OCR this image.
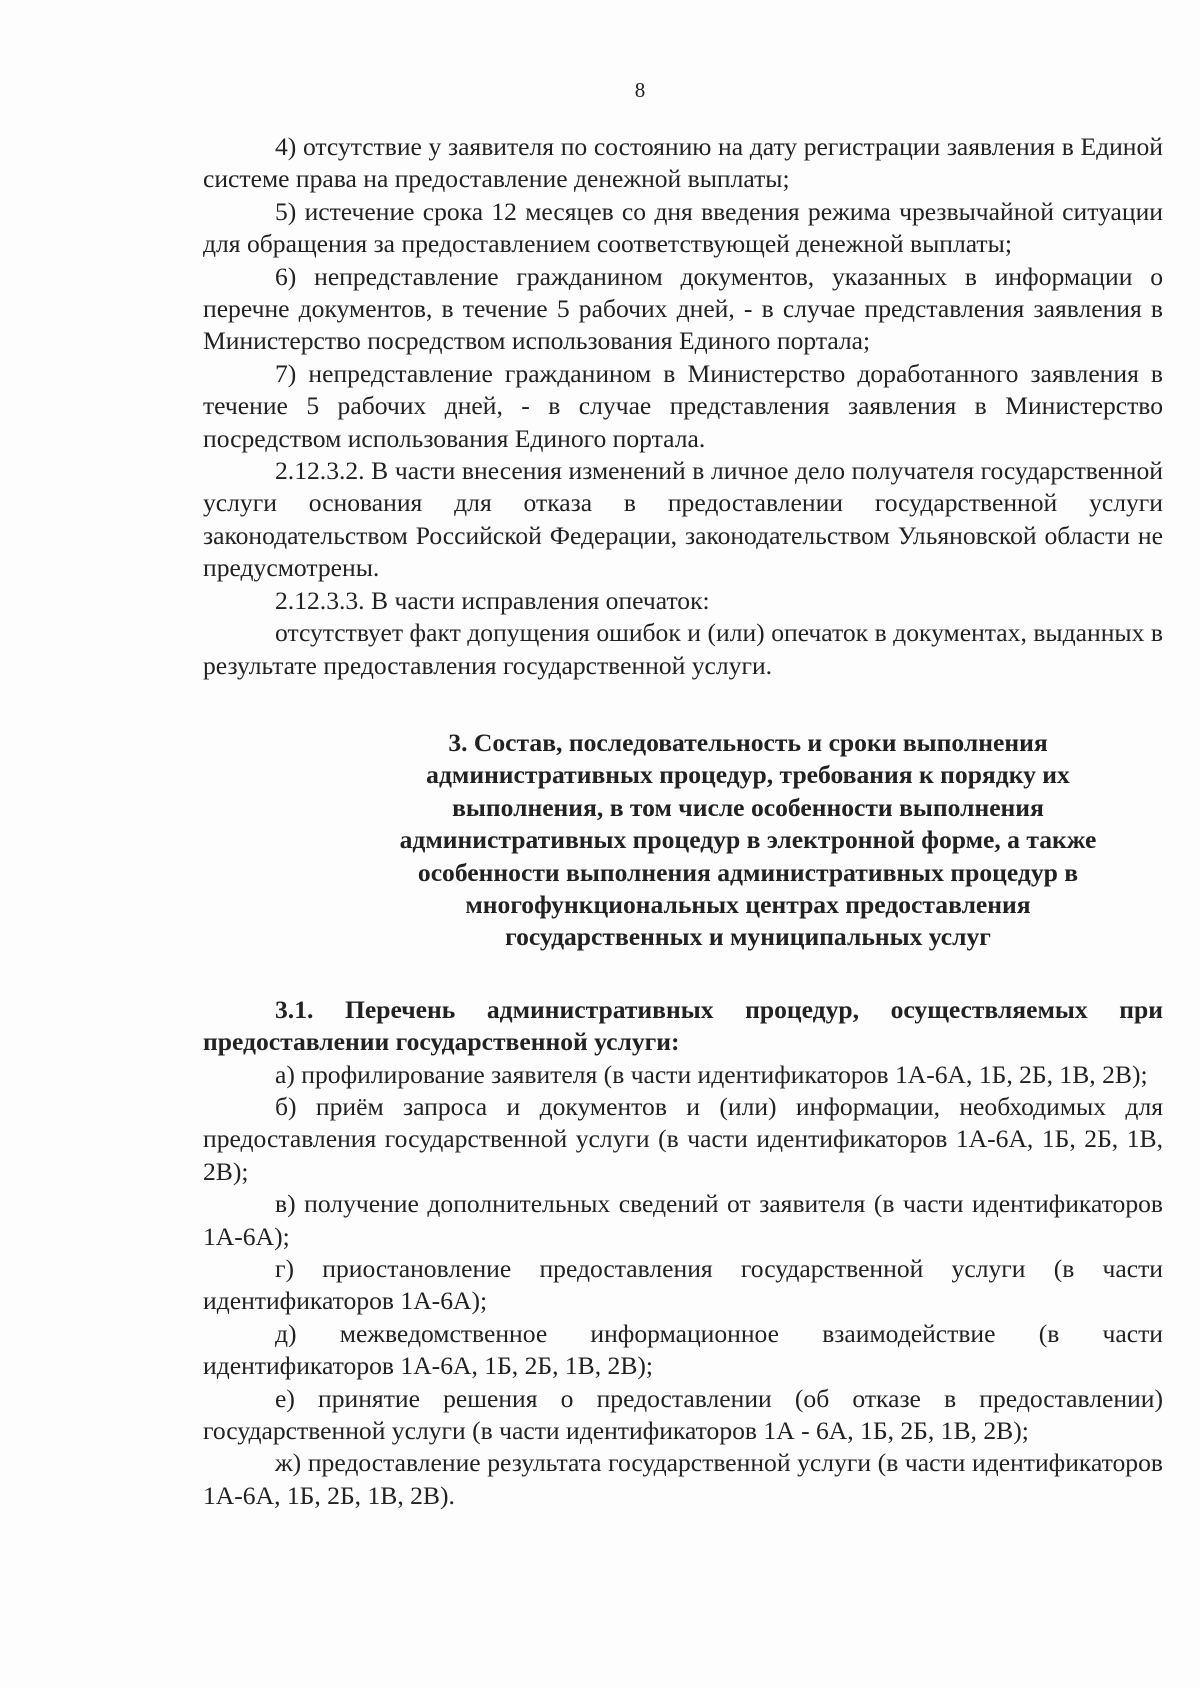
8

4) отсутствие у заявителя по состоянию на дату регистрации заявления в Единой системе права на предоставление денежной выплаты;

5) истечение срока 12 месяцев со дня введения режима чрезвычайной ситуации для обращения за предоставлением соответствующей денежной выплаты;

6) непредставление гражданином документов, указанных в информации о перечне документов, в течение 5 рабочих дней, - в случае представления заявления в Министерство посредством использования Единого портала;

7) непредставление гражданином в Министерство доработанного заявления в течение 5 рабочих дней, - в случае представления заявления в Министерство посредством использования Единого портала.

2.12.3.2. В части внесения изменений в личное дело получателя государственной услуги основания для отказа в предоставлении государственной услуги законодательством Российской Федерации, законодательством Ульяновской области не предусмотрены.

2.12.3.3. В части исправления опечаток:

отсутствует факт допущения ошибок и (или) опечаток в документах, выданных в результате предоставления государственной услуги.

3. Состав, последовательность и сроки выполнения
административных процедур, требования к порядку их
выполнения, в том числе особенности выполнения
административных процедур в электронной форме, а также
особенности выполнения административных процедур в
многофункциональных центрах предоставления
государственных и муниципальных услуг

3.1. Перечень административных процедур, осуществляемых при предоставлении государственной услуги:

а) профилирование заявителя (в части идентификаторов 1А-6А, 1Б, 2Б, 1В, 2В);

б) приём запроса и документов и (или) информации, необходимых для предоставления государственной услуги (в части идентификаторов 1А-6А, 1Б, 2Б, 1В, 2В);

в) получение дополнительных сведений от заявителя (в части идентификаторов 1А-6А);

г) приостановление предоставления государственной услуги (в части идентификаторов 1А-6А);

д) межведомственное информационное взаимодействие (в части идентификаторов 1А-6А, 1Б, 2Б, 1В, 2В);

е) принятие решения о предоставлении (об отказе в предоставлении) государственной услуги (в части идентификаторов 1А - 6А, 1Б, 2Б, 1В, 2В);

ж) предоставление результата государственной услуги (в части идентификаторов 1А-6А, 1Б, 2Б, 1В, 2В).
